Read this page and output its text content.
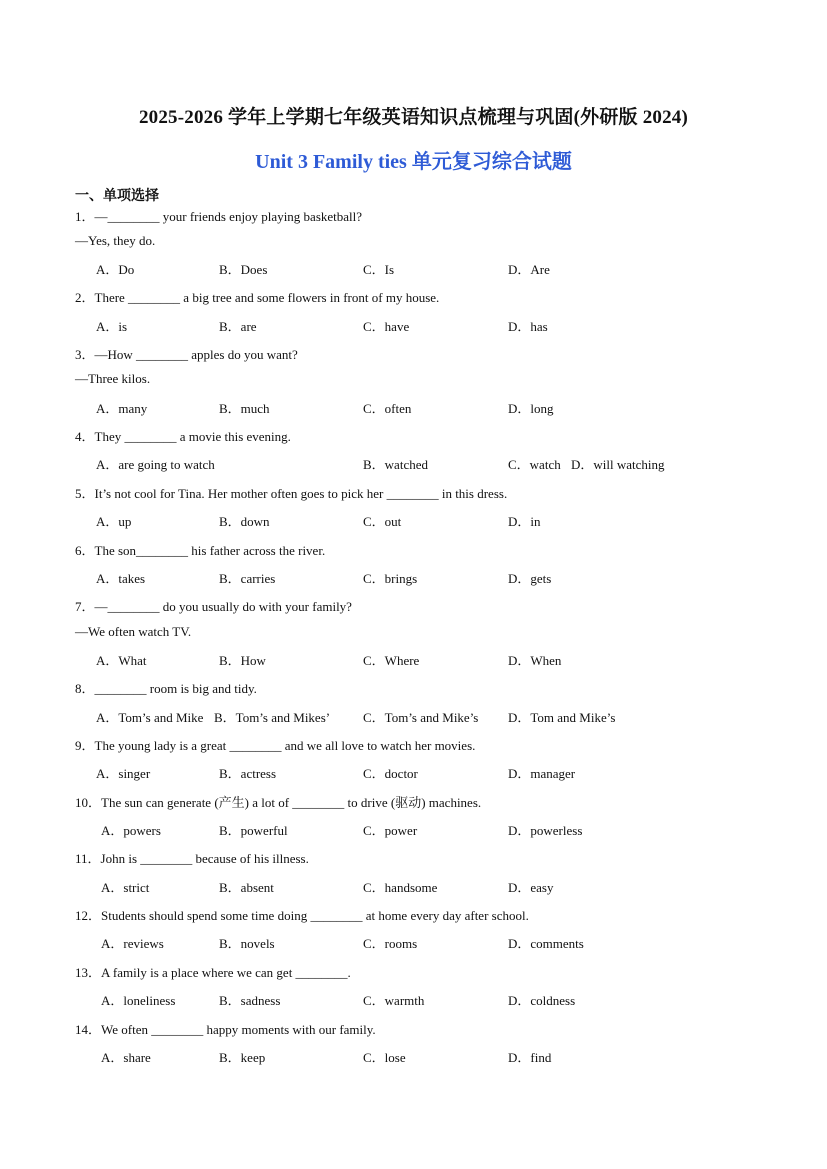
2025-2026 学年上学期七年级英语知识点梳理与巩固(外研版 2024)
Unit 3 Family ties 单元复习综合试题
一、单项选择
1．—________ your friends enjoy playing basketball?
—Yes, they do.
A．Do	B．Does	C．Is	D．Are
2．There ________ a big tree and some flowers in front of my house.
A．is	B．are	C．have	D．has
3．—How ________ apples do you want?
—Three kilos.
A．many	B．much	C．often	D．long
4．They ________ a movie this evening.
A．are going to watch	B．watched	C．watch D．will watching
5．It’s not cool for Tina. Her mother often goes to pick her ________ in this dress.
A．up	B．down	C．out	D．in
6．The son________ his father across the river.
A．takes	B．carries	C．brings	D．gets
7．—________ do you usually do with your family?
—We often watch TV.
A．What	B．How	C．Where	D．When
8．________ room is big and tidy.
A．Tom’s and Mike B．Tom’s and Mikes’	C．Tom’s and Mike’s D．Tom and Mike’s
9．The young lady is a great ________ and we all love to watch her movies.
A．singer	B．actress	C．doctor	D．manager
10．The sun can generate (产生) a lot of ________ to drive (驱动) machines.
A．powers	B．powerful	C．power	D．powerless
11．John is ________ because of his illness.
A．strict	B．absent	C．handsome	D．easy
12．Students should spend some time doing ________ at home every day after school.
A．reviews	B．novels	C．rooms	D．comments
13．A family is a place where we can get ________.
A．loneliness	B．sadness	C．warmth	D．coldness
14．We often ________ happy moments with our family.
A．share	B．keep	C．lose	D．find
